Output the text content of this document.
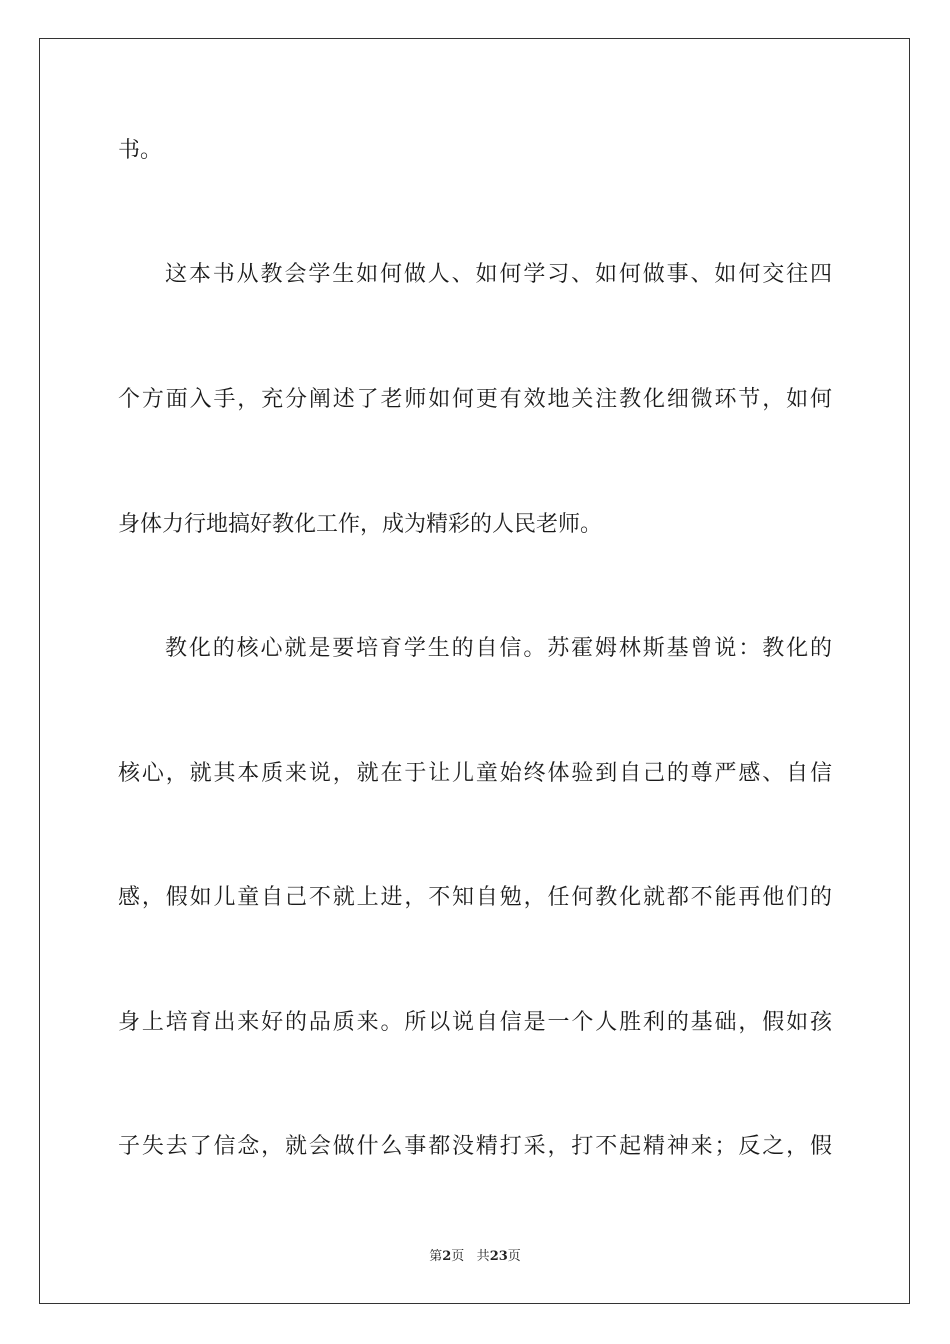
书。

这本书从教会学生如何做人、如何学习、如何做事、如何交往四

个方面入手，充分阐述了老师如何更有效地关注教化细微环节，如何

身体力行地搞好教化工作，成为精彩的人民老师。

教化的核心就是要培育学生的自信。苏霍姆林斯基曾说：教化的

核心，就其本质来说，就在于让儿童始终体验到自己的尊严感、自信

感，假如儿童自己不就上进，不知自勉，任何教化就都不能再他们的

身上培育出来好的品质来。所以说自信是一个人胜利的基础，假如孩

子失去了信念，就会做什么事都没精打采，打不起精神来；反之，假

第2页 共23页
